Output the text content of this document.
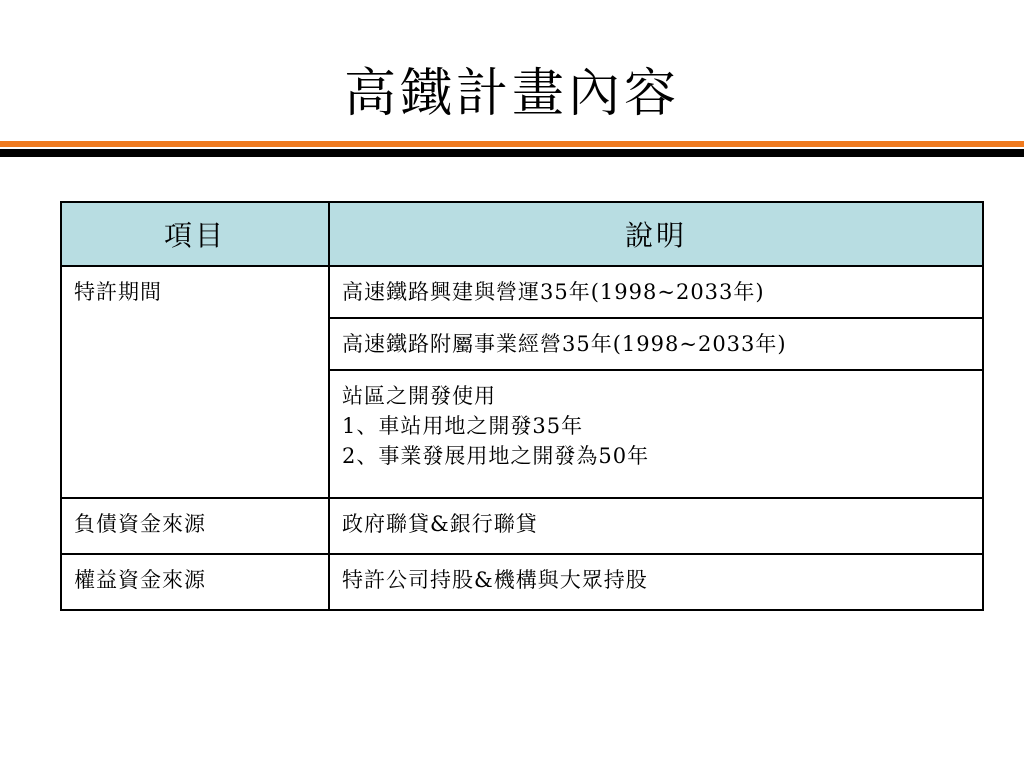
高鐵計畫內容
項目	說明
特許期間	高速鐵路興建與營運35年(1998~2033年)
	高速鐵路附屬事業經營35年(1998~2033年)

	站區之開發使用
1、車站用地之開發35年
2、事業發展用地之開發為50年

負債資金來源	政府聯貸&銀行聯貸
權益資金來源	特許公司持股&機構與大眾持股
